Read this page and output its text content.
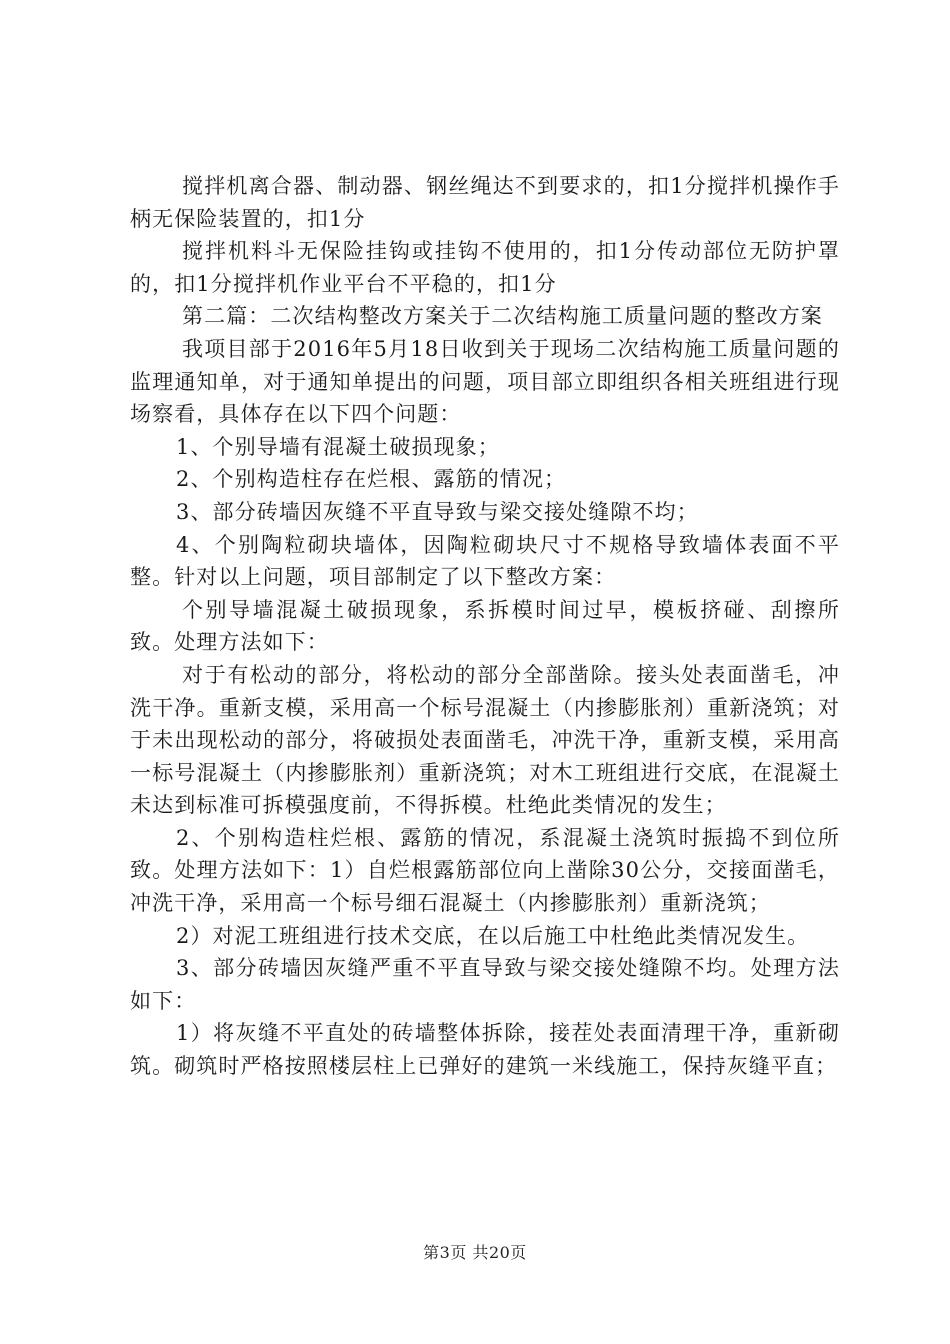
搅拌机离合器、制动器、钢丝绳达不到要求的，扣1分搅拌机操作手柄无保险装置的，扣1分

搅拌机料斗无保险挂钩或挂钩不使用的，扣1分传动部位无防护罩的，扣1分搅拌机作业平台不平稳的，扣1分

第二篇：二次结构整改方案关于二次结构施工质量问题的整改方案

我项目部于2016年5月18日收到关于现场二次结构施工质量问题的监理通知单，对于通知单提出的问题，项目部立即组织各相关班组进行现场察看，具体存在以下四个问题：

1、个别导墙有混凝土破损现象；

2、个别构造柱存在烂根、露筋的情况；

3、部分砖墙因灰缝不平直导致与梁交接处缝隙不均；

4、个别陶粒砌块墙体，因陶粒砌块尺寸不规格导致墙体表面不平整。针对以上问题，项目部制定了以下整改方案：

个别导墙混凝土破损现象，系拆模时间过早，模板挤碰、刮擦所致。处理方法如下：

对于有松动的部分，将松动的部分全部凿除。接头处表面凿毛，冲洗干净。重新支模，采用高一个标号混凝土（内掺膨胀剂）重新浇筑；对于未出现松动的部分，将破损处表面凿毛，冲洗干净，重新支模，采用高一标号混凝土（内掺膨胀剂）重新浇筑；对木工班组进行交底，在混凝土未达到标准可拆模强度前，不得拆模。杜绝此类情况的发生；

2、个别构造柱烂根、露筋的情况，系混凝土浇筑时振捣不到位所致。处理方法如下：1）自烂根露筋部位向上凿除30公分，交接面凿毛，冲洗干净，采用高一个标号细石混凝土（内掺膨胀剂）重新浇筑；

2）对泥工班组进行技术交底，在以后施工中杜绝此类情况发生。

3、部分砖墙因灰缝严重不平直导致与梁交接处缝隙不均。处理方法如下：

1）将灰缝不平直处的砖墙整体拆除，接茬处表面清理干净，重新砌筑。砌筑时严格按照楼层柱上已弹好的建筑一米线施工，保持灰缝平直；

第3页 共20页
